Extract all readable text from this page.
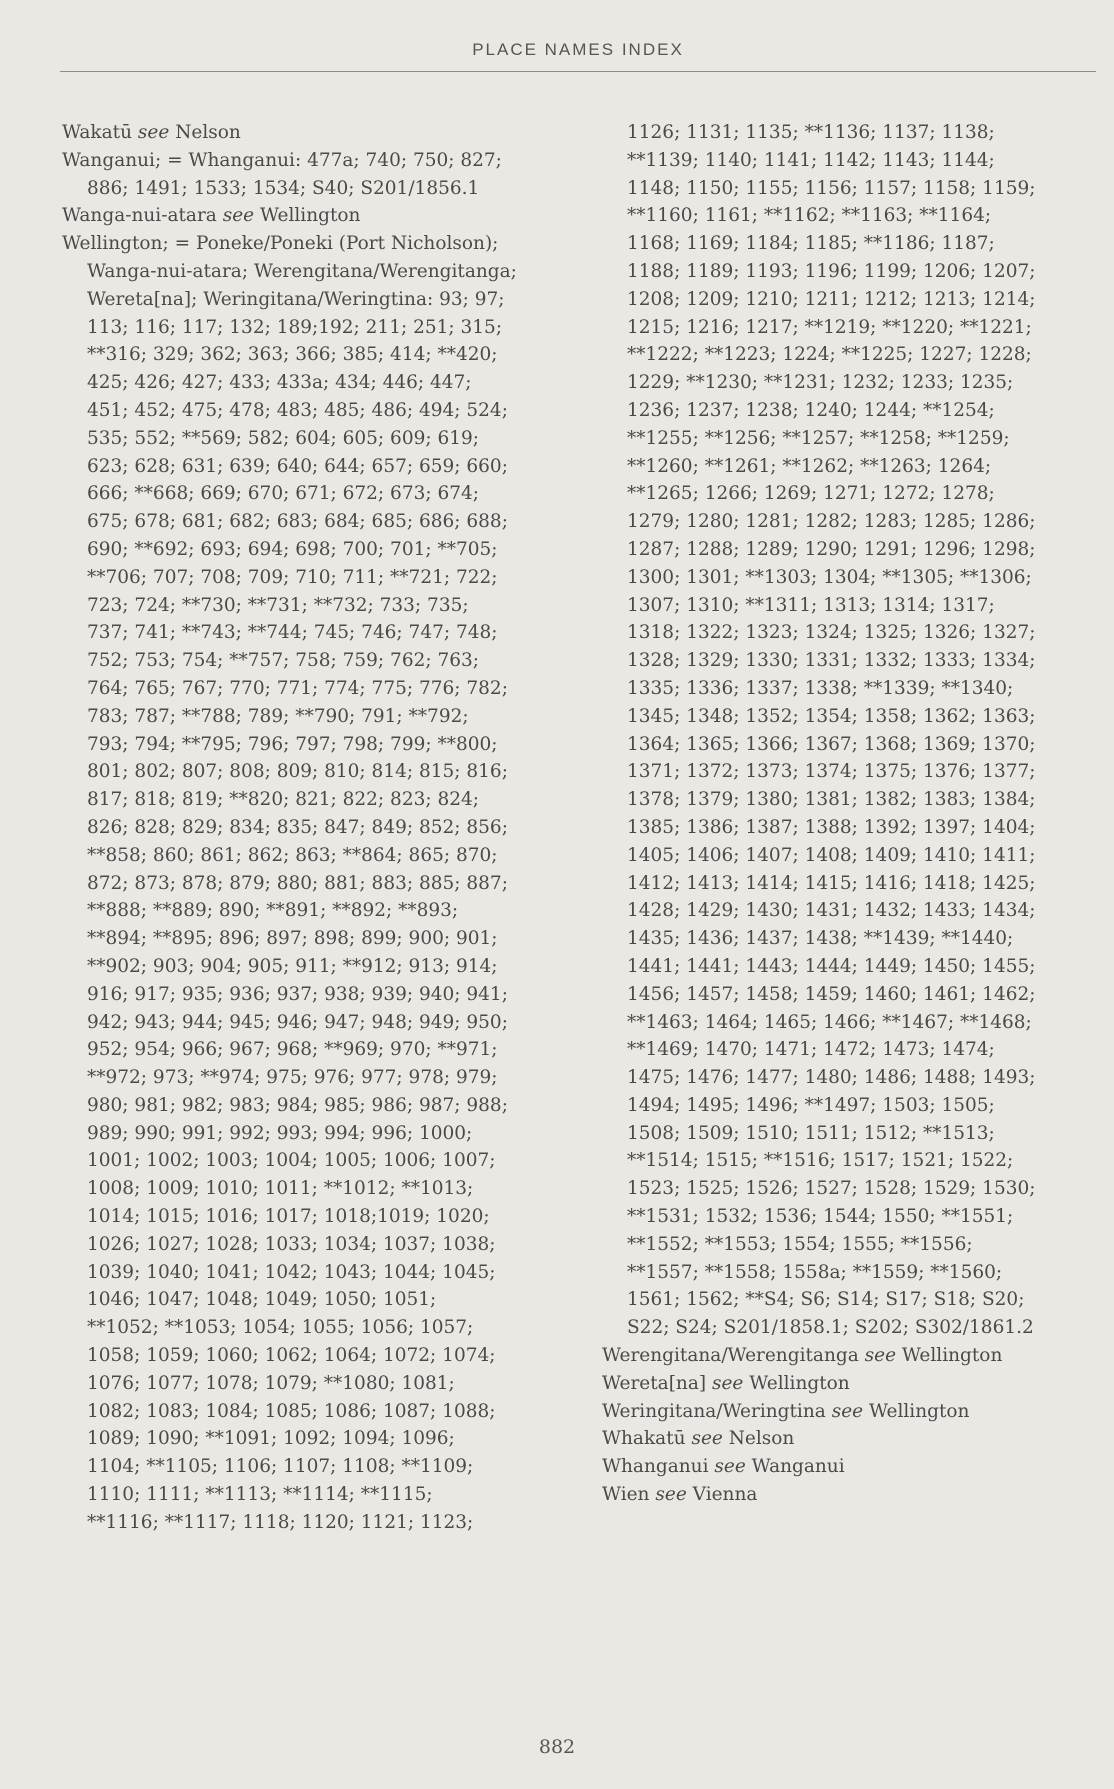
PLACE NAMES INDEX
Wakatū see Nelson
Wanganui; = Whanganui: 477a; 740; 750; 827;
886; 1491; 1533; 1534; S40; S201/1856.1
Wanga-nui-atara see Wellington
Wellington; = Poneke/Poneki (Port Nicholson);
Wanga-nui-atara; Werengitana/Werengitanga;
Wereta[na]; Weringitana/Weringtina: 93; 97;
113; 116; 117; 132; 189;192; 211; 251; 315;
**316; 329; 362; 363; 366; 385; 414; **420;
425; 426; 427; 433; 433a; 434; 446; 447;
451; 452; 475; 478; 483; 485; 486; 494; 524;
535; 552; **569; 582; 604; 605; 609; 619;
623; 628; 631; 639; 640; 644; 657; 659; 660;
666; **668; 669; 670; 671; 672; 673; 674;
675; 678; 681; 682; 683; 684; 685; 686; 688;
690; **692; 693; 694; 698; 700; 701; **705;
**706; 707; 708; 709; 710; 711; **721; 722;
723; 724; **730; **731; **732; 733; 735;
737; 741; **743; **744; 745; 746; 747; 748;
752; 753; 754; **757; 758; 759; 762; 763;
764; 765; 767; 770; 771; 774; 775; 776; 782;
783; 787; **788; 789; **790; 791; **792;
793; 794; **795; 796; 797; 798; 799; **800;
801; 802; 807; 808; 809; 810; 814; 815; 816;
817; 818; 819; **820; 821; 822; 823; 824;
826; 828; 829; 834; 835; 847; 849; 852; 856;
**858; 860; 861; 862; 863; **864; 865; 870;
872; 873; 878; 879; 880; 881; 883; 885; 887;
**888; **889; 890; **891; **892; **893;
**894; **895; 896; 897; 898; 899; 900; 901;
**902; 903; 904; 905; 911; **912; 913; 914;
916; 917; 935; 936; 937; 938; 939; 940; 941;
942; 943; 944; 945; 946; 947; 948; 949; 950;
952; 954; 966; 967; 968; **969; 970; **971;
**972; 973; **974; 975; 976; 977; 978; 979;
980; 981; 982; 983; 984; 985; 986; 987; 988;
989; 990; 991; 992; 993; 994; 996; 1000;
1001; 1002; 1003; 1004; 1005; 1006; 1007;
1008; 1009; 1010; 1011; **1012; **1013;
1014; 1015; 1016; 1017; 1018;1019; 1020;
1026; 1027; 1028; 1033; 1034; 1037; 1038;
1039; 1040; 1041; 1042; 1043; 1044; 1045;
1046; 1047; 1048; 1049; 1050; 1051;
**1052; **1053; 1054; 1055; 1056; 1057;
1058; 1059; 1060; 1062; 1064; 1072; 1074;
1076; 1077; 1078; 1079; **1080; 1081;
1082; 1083; 1084; 1085; 1086; 1087; 1088;
1089; 1090; **1091; 1092; 1094; 1096;
1104; **1105; 1106; 1107; 1108; **1109;
1110; 1111; **1113; **1114; **1115;
**1116; **1117; 1118; 1120; 1121; 1123;
1126; 1131; 1135; **1136; 1137; 1138;
**1139; 1140; 1141; 1142; 1143; 1144;
1148; 1150; 1155; 1156; 1157; 1158; 1159;
**1160; 1161; **1162; **1163; **1164;
1168; 1169; 1184; 1185; **1186; 1187;
1188; 1189; 1193; 1196; 1199; 1206; 1207;
1208; 1209; 1210; 1211; 1212; 1213; 1214;
1215; 1216; 1217; **1219; **1220; **1221;
**1222; **1223; 1224; **1225; 1227; 1228;
1229; **1230; **1231; 1232; 1233; 1235;
1236; 1237; 1238; 1240; 1244; **1254;
**1255; **1256; **1257; **1258; **1259;
**1260; **1261; **1262; **1263; 1264;
**1265; 1266; 1269; 1271; 1272; 1278;
1279; 1280; 1281; 1282; 1283; 1285; 1286;
1287; 1288; 1289; 1290; 1291; 1296; 1298;
1300; 1301; **1303; 1304; **1305; **1306;
1307; 1310; **1311; 1313; 1314; 1317;
1318; 1322; 1323; 1324; 1325; 1326; 1327;
1328; 1329; 1330; 1331; 1332; 1333; 1334;
1335; 1336; 1337; 1338; **1339; **1340;
1345; 1348; 1352; 1354; 1358; 1362; 1363;
1364; 1365; 1366; 1367; 1368; 1369; 1370;
1371; 1372; 1373; 1374; 1375; 1376; 1377;
1378; 1379; 1380; 1381; 1382; 1383; 1384;
1385; 1386; 1387; 1388; 1392; 1397; 1404;
1405; 1406; 1407; 1408; 1409; 1410; 1411;
1412; 1413; 1414; 1415; 1416; 1418; 1425;
1428; 1429; 1430; 1431; 1432; 1433; 1434;
1435; 1436; 1437; 1438; **1439; **1440;
1441; 1441; 1443; 1444; 1449; 1450; 1455;
1456; 1457; 1458; 1459; 1460; 1461; 1462;
**1463; 1464; 1465; 1466; **1467; **1468;
**1469; 1470; 1471; 1472; 1473; 1474;
1475; 1476; 1477; 1480; 1486; 1488; 1493;
1494; 1495; 1496; **1497; 1503; 1505;
1508; 1509; 1510; 1511; 1512; **1513;
**1514; 1515; **1516; 1517; 1521; 1522;
1523; 1525; 1526; 1527; 1528; 1529; 1530;
**1531; 1532; 1536; 1544; 1550; **1551;
**1552; **1553; 1554; 1555; **1556;
**1557; **1558; 1558a; **1559; **1560;
1561; 1562; **S4; S6; S14; S17; S18; S20;
S22; S24; S201/1858.1; S202; S302/1861.2
Werengitana/Werengitanga see Wellington
Wereta[na] see Wellington
Weringitana/Weringtina see Wellington
Whakatū see Nelson
Whanganui see Wanganui
Wien see Vienna
882
